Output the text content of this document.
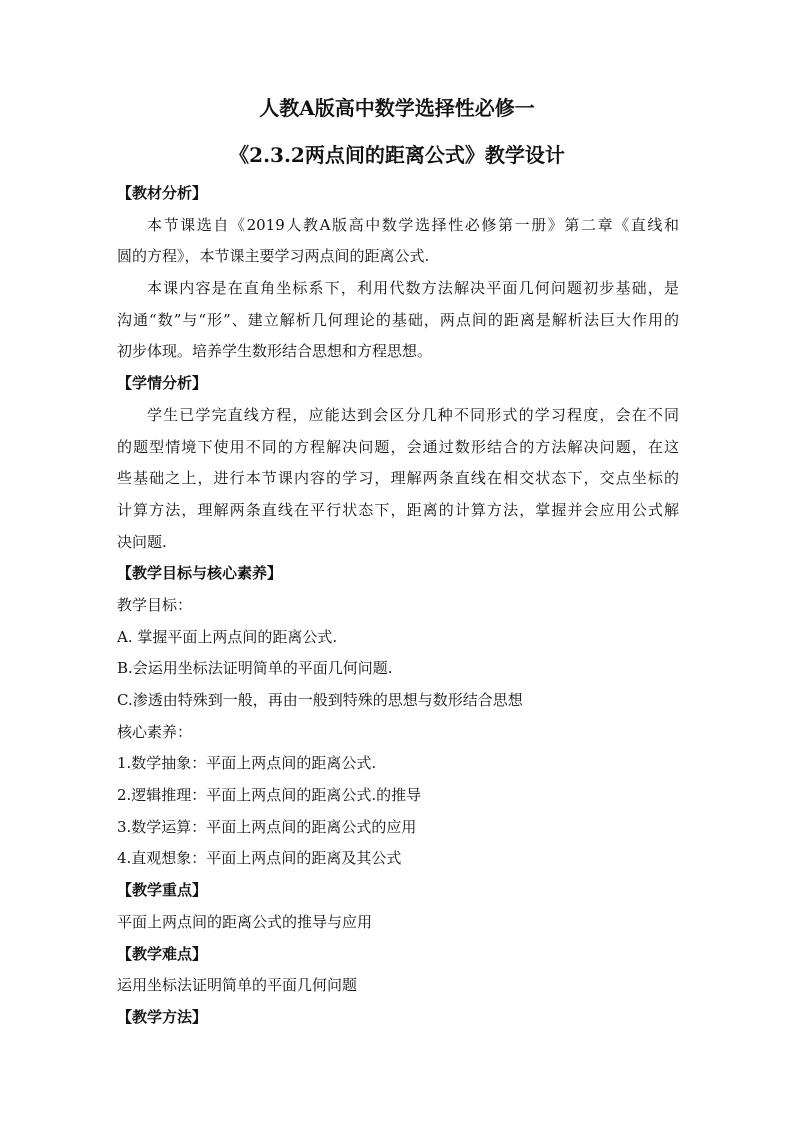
人教A版高中数学选择性必修一
《2.3.2两点间的距离公式》教学设计
【教材分析】
本节课选自《2019人教A版高中数学选择性必修第一册》第二章《直线和
圆的方程》，本节课主要学习两点间的距离公式.
本课内容是在直角坐标系下，利用代数方法解决平面几何问题初步基础，是
沟通“数”与“形”、建立解析几何理论的基础，两点间的距离是解析法巨大作用的
初步体现。培养学生数形结合思想和方程思想。
【学情分析】
学生已学完直线方程，应能达到会区分几种不同形式的学习程度，会在不同
的题型情境下使用不同的方程解决问题，会通过数形结合的方法解决问题，在这
些基础之上，进行本节课内容的学习，理解两条直线在相交状态下，交点坐标的
计算方法，理解两条直线在平行状态下，距离的计算方法，掌握并会应用公式解
决问题.
【教学目标与核心素养】
教学目标：
A. 掌握平面上两点间的距离公式.
B.会运用坐标法证明简单的平面几何问题.
C.渗透由特殊到一般，再由一般到特殊的思想与数形结合思想
核心素养：
1.数学抽象：平面上两点间的距离公式.
2.逻辑推理：平面上两点间的距离公式.的推导
3.数学运算：平面上两点间的距离公式的应用
4.直观想象：平面上两点间的距离及其公式
【教学重点】
平面上两点间的距离公式的推导与应用
【教学难点】
运用坐标法证明简单的平面几何问题
【教学方法】
